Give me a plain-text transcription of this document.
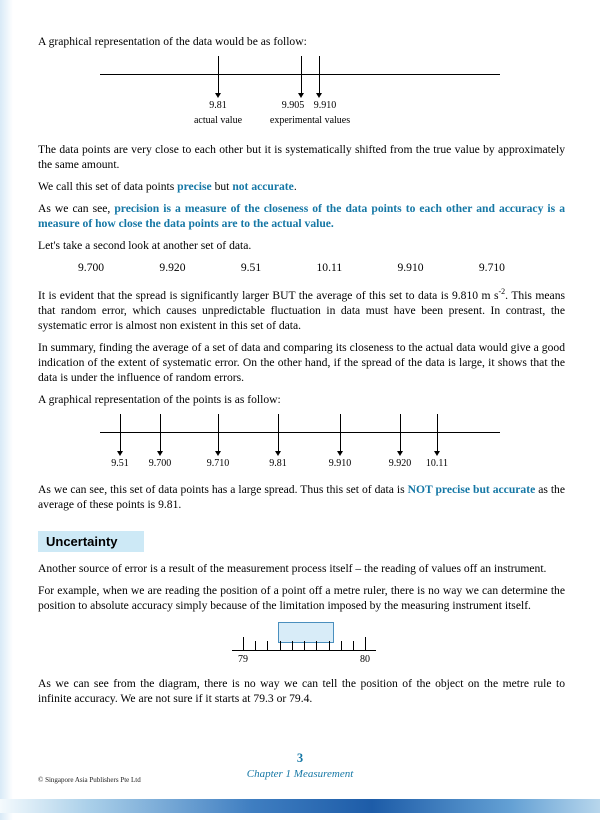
A graphical representation of the data would be as follow:

9.81	9.905 9.910
actual value	experimental values

The data points are very close to each other but it is systematically shifted from the true value by approximately the same amount.

We call this set of data points precise but not accurate.

As we can see, precision is a measure of the closeness of the data points to each other and accuracy is a measure of how close the data points are to the actual value.

Let's take a second look at another set of data.

9.700	9.920	9.51	10.11	9.910	9.710

It is evident that the spread is significantly larger BUT the average of this set to data is 9.810 m $s^{-2}$. This means that random error, which causes unpredictable fluctuation in data must have been present. In contrast, the systematic error is almost non existent in this set of data.

In summary, finding the average of a set of data and comparing its closeness to the actual data would give a good indication of the extent of systematic error. On the other hand, if the spread of the data is large, it shows that the data is under the influence of random errors.

A graphical representation of the points is as follow:

9.51 9.700	9.710	9.81	9.910	9.920 10.11

As we can see, this set of data points has a large spread. Thus this set of data is NOT precise but accurate as the average of these points is 9.81.

Uncertainty

Another source of error is a result of the measurement process itself – the reading of values off an instrument.

For example, when we are reading the position of a point off a metre ruler, there is no way we can determine the position to absolute accuracy simply because of the limitation imposed by the measuring instrument itself.

79	80

As we can see from the diagram, there is no way we can tell the position of the object on the metre rule to infinite accuracy. We are not sure if it starts at 79.3 or 79.4.

3
Chapter 1 Measurement
© Singapore Asia Publishers Pte Ltd
